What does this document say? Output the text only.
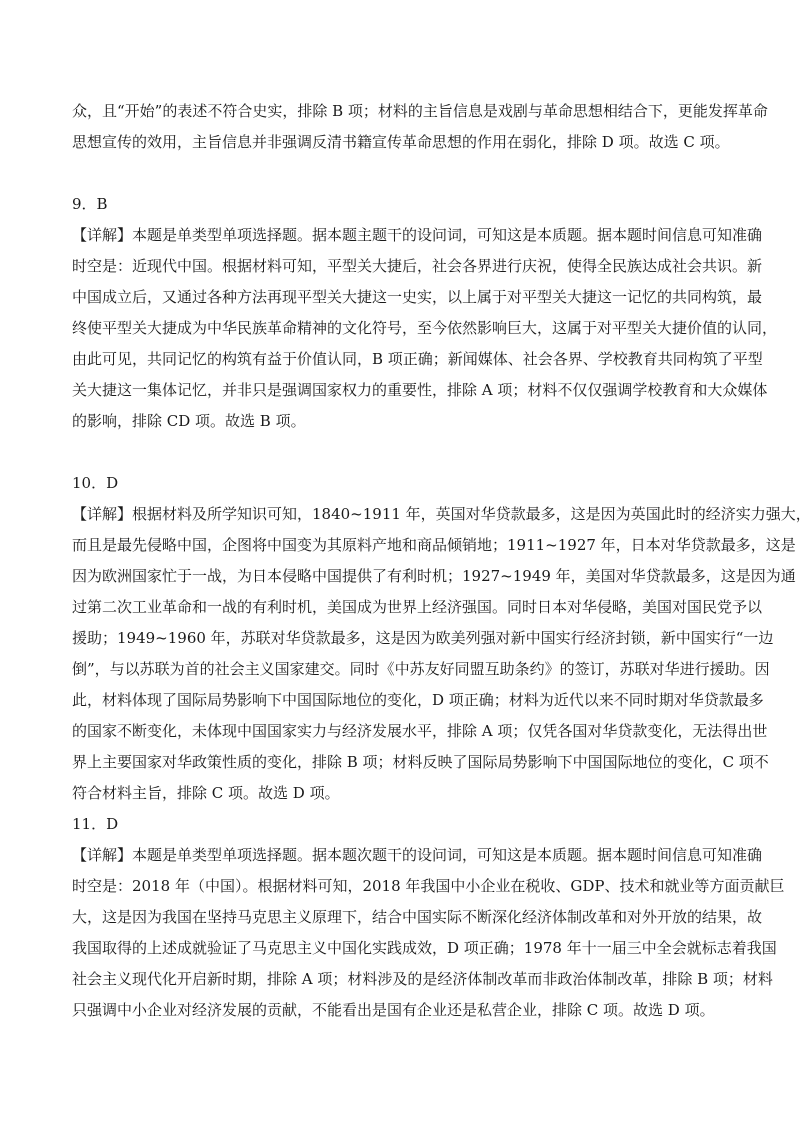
众，且“开始”的表述不符合史实，排除 B 项；材料的主旨信息是戏剧与革命思想相结合下，更能发挥革命
思想宣传的效用，主旨信息并非强调反清书籍宣传革命思想的作用在弱化，排除 D 项。故选 C 项。
9．B
【详解】本题是单类型单项选择题。据本题主题干的设问词，可知这是本质题。据本题时间信息可知准确
时空是：近现代中国。根据材料可知，平型关大捷后，社会各界进行庆祝，使得全民族达成社会共识。新
中国成立后，又通过各种方法再现平型关大捷这一史实，以上属于对平型关大捷这一记忆的共同构筑，最
终使平型关大捷成为中华民族革命精神的文化符号，至今依然影响巨大，这属于对平型关大捷价值的认同，
由此可见，共同记忆的构筑有益于价值认同，B 项正确；新闻媒体、社会各界、学校教育共同构筑了平型
关大捷这一集体记忆，并非只是强调国家权力的重要性，排除 A 项；材料不仅仅强调学校教育和大众媒体
的影响，排除 CD 项。故选 B 项。
10．D
【详解】根据材料及所学知识可知，1840~1911 年，英国对华贷款最多，这是因为英国此时的经济实力强大，
而且是最先侵略中国，企图将中国变为其原料产地和商品倾销地；1911~1927 年，日本对华贷款最多，这是
因为欧洲国家忙于一战，为日本侵略中国提供了有利时机；1927~1949 年，美国对华贷款最多，这是因为通
过第二次工业革命和一战的有利时机，美国成为世界上经济强国。同时日本对华侵略，美国对国民党予以
援助；1949~1960 年，苏联对华贷款最多，这是因为欧美列强对新中国实行经济封锁，新中国实行“一边
倒”，与以苏联为首的社会主义国家建交。同时《中苏友好同盟互助条约》的签订，苏联对华进行援助。因
此，材料体现了国际局势影响下中国国际地位的变化，D 项正确；材料为近代以来不同时期对华贷款最多
的国家不断变化，未体现中国国家实力与经济发展水平，排除 A 项；仅凭各国对华贷款变化，无法得出世
界上主要国家对华政策性质的变化，排除 B 项；材料反映了国际局势影响下中国国际地位的变化，C 项不
符合材料主旨，排除 C 项。故选 D 项。
11．D
【详解】本题是单类型单项选择题。据本题次题干的设问词，可知这是本质题。据本题时间信息可知准确
时空是：2018 年（中国）。根据材料可知，2018 年我国中小企业在税收、GDP、技术和就业等方面贡献巨
大，这是因为我国在坚持马克思主义原理下，结合中国实际不断深化经济体制改革和对外开放的结果，故
我国取得的上述成就验证了马克思主义中国化实践成效，D 项正确；1978 年十一届三中全会就标志着我国
社会主义现代化开启新时期，排除 A 项；材料涉及的是经济体制改革而非政治体制改革，排除 B 项；材料
只强调中小企业对经济发展的贡献，不能看出是国有企业还是私营企业，排除 C 项。故选 D 项。
